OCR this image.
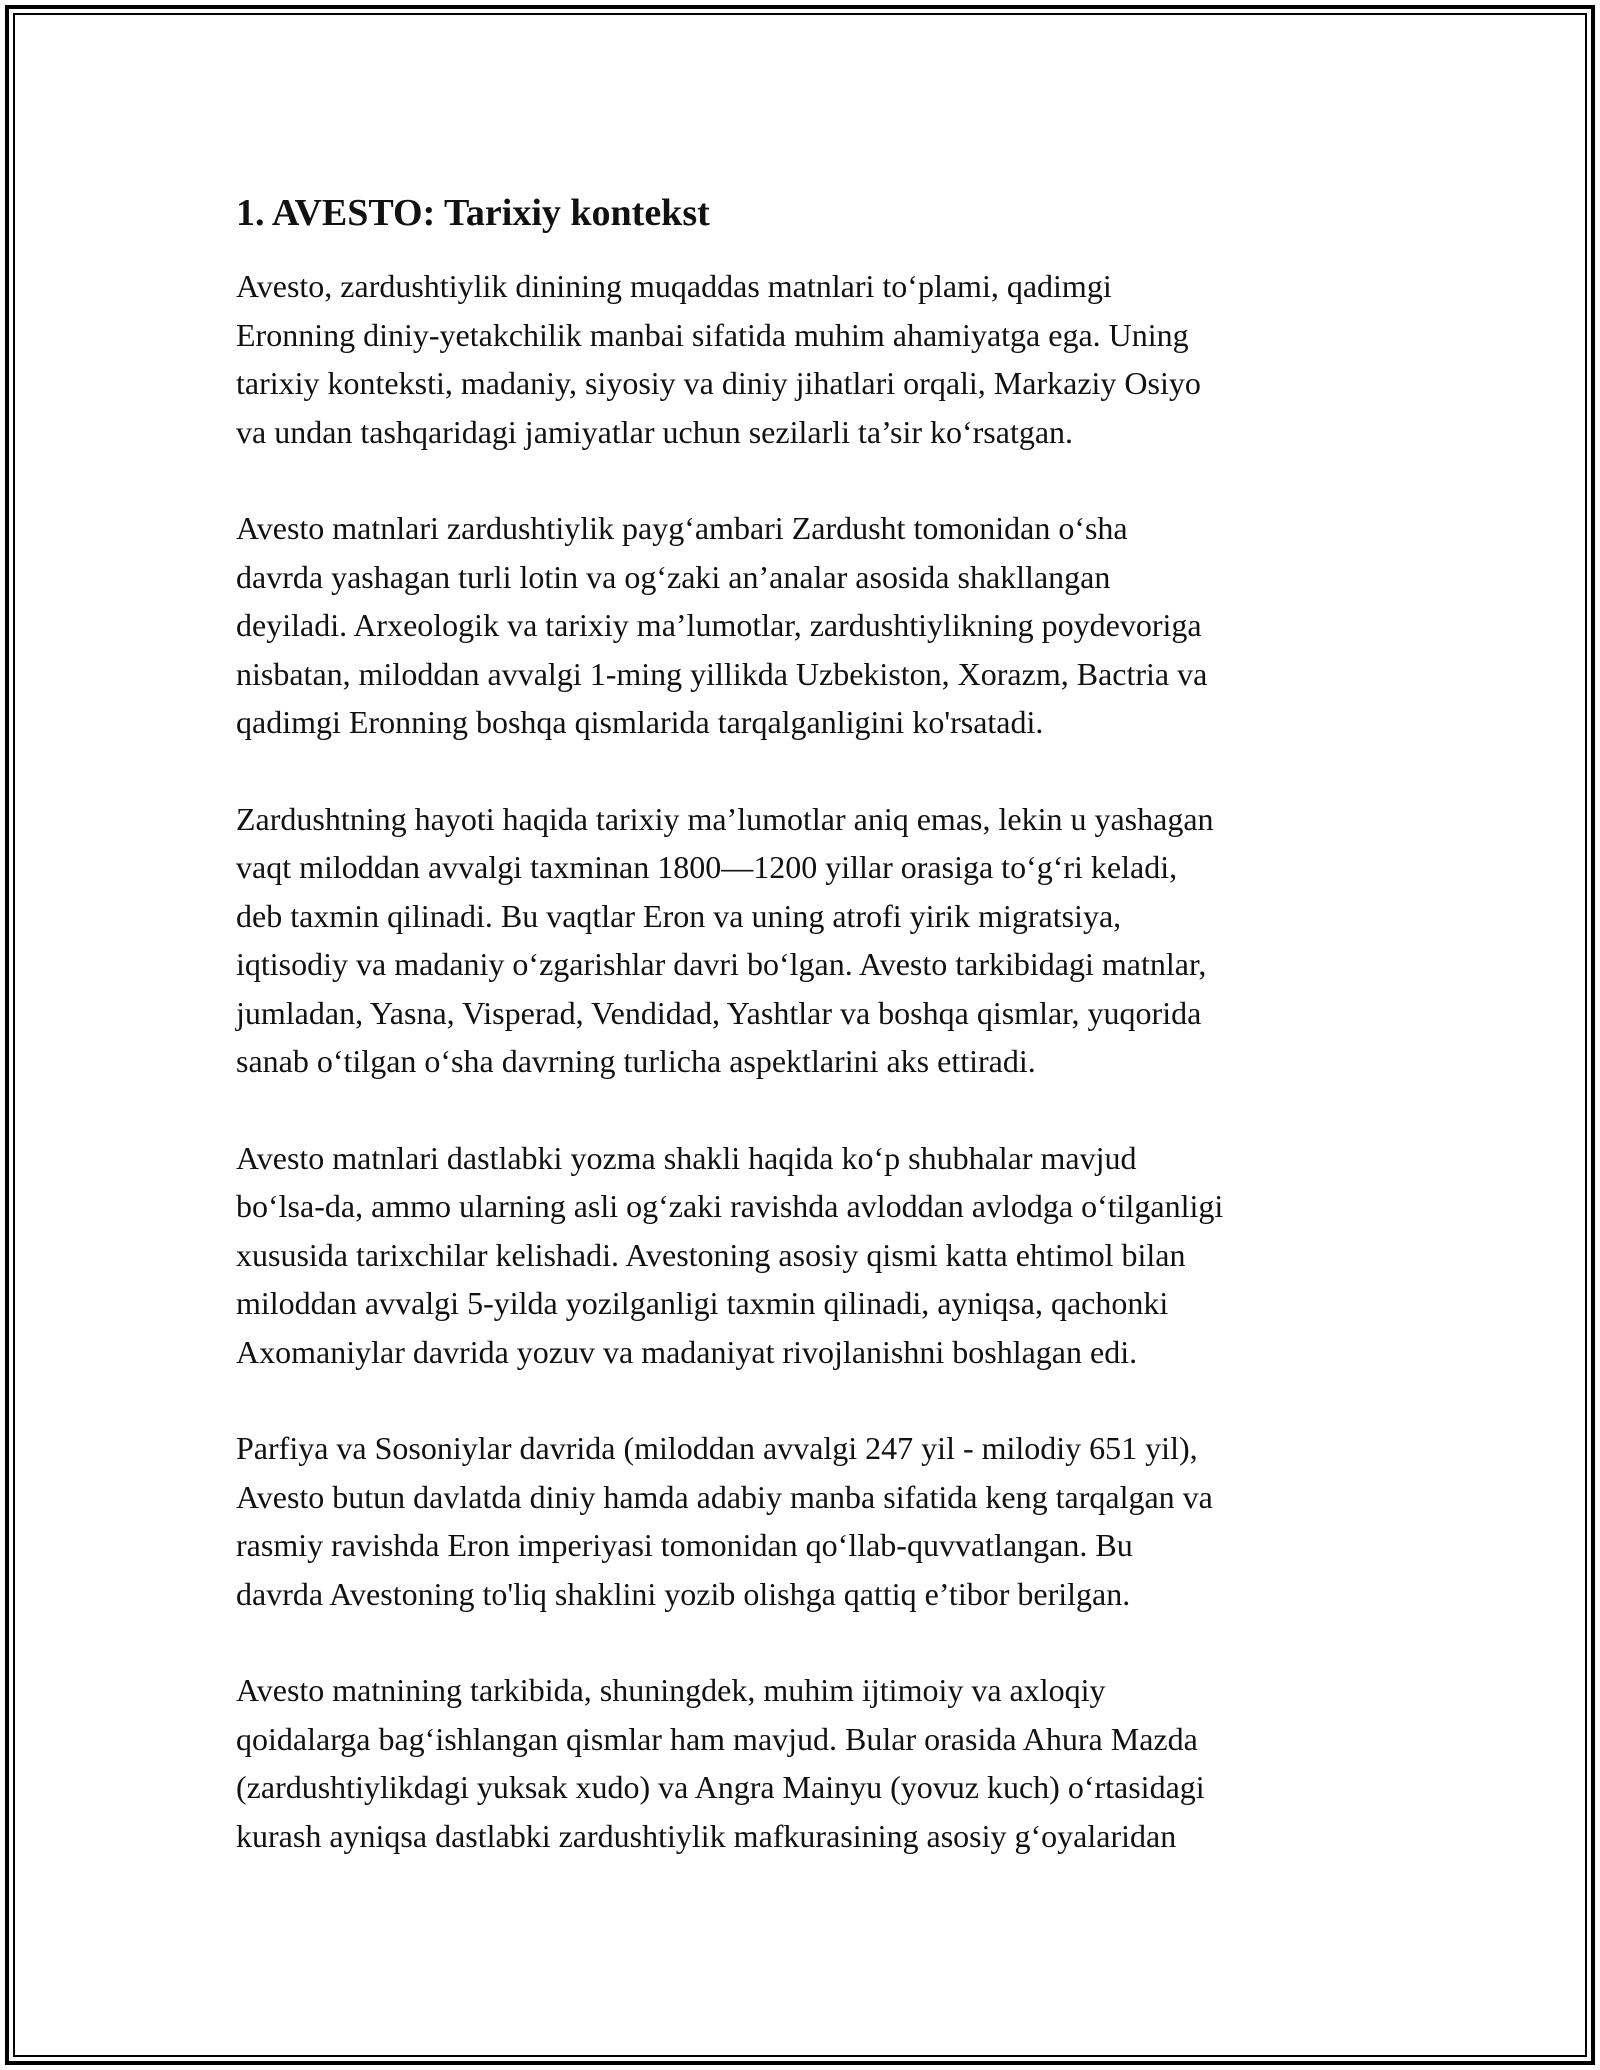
1. AVESTO: Tarixiy kontekst

Avesto, zardushtiylik dinining muqaddas matnlari to‘plami, qadimgi
Eronning diniy-yetakchilik manbai sifatida muhim ahamiyatga ega. Uning
tarixiy konteksti, madaniy, siyosiy va diniy jihatlari orqali, Markaziy Osiyo
va undan tashqaridagi jamiyatlar uchun sezilarli ta’sir ko‘rsatgan.

Avesto matnlari zardushtiylik payg‘ambari Zardusht tomonidan o‘sha
davrda yashagan turli lotin va og‘zaki an’analar asosida shakllangan
deyiladi. Arxeologik va tarixiy ma’lumotlar, zardushtiylikning poydevoriga
nisbatan, miloddan avvalgi 1-ming yillikda Uzbekiston, Xorazm, Bactria va
qadimgi Eronning boshqa qismlarida tarqalganligini ko'rsatadi.

Zardushtning hayoti haqida tarixiy ma’lumotlar aniq emas, lekin u yashagan
vaqt miloddan avvalgi taxminan 1800—1200 yillar orasiga to‘g‘ri keladi,
deb taxmin qilinadi. Bu vaqtlar Eron va uning atrofi yirik migratsiya,
iqtisodiy va madaniy o‘zgarishlar davri bo‘lgan. Avesto tarkibidagi matnlar,
jumladan, Yasna, Visperad, Vendidad, Yashtlar va boshqa qismlar, yuqorida
sanab o‘tilgan o‘sha davrning turlicha aspektlarini aks ettiradi.

Avesto matnlari dastlabki yozma shakli haqida ko‘p shubhalar mavjud
bo‘lsa-da, ammo ularning asli og‘zaki ravishda avloddan avlodga o‘tilganligi
xususida tarixchilar kelishadi. Avestoning asosiy qismi katta ehtimol bilan
miloddan avvalgi 5-yilda yozilganligi taxmin qilinadi, ayniqsa, qachonki
Axomaniylar davrida yozuv va madaniyat rivojlanishni boshlagan edi.

Parfiya va Sosoniylar davrida (miloddan avvalgi 247 yil - milodiy 651 yil),
Avesto butun davlatda diniy hamda adabiy manba sifatida keng tarqalgan va
rasmiy ravishda Eron imperiyasi tomonidan qo‘llab-quvvatlangan. Bu
davrda Avestoning to'liq shaklini yozib olishga qattiq e’tibor berilgan.

Avesto matnining tarkibida, shuningdek, muhim ijtimoiy va axloqiy
qoidalarga bag‘ishlangan qismlar ham mavjud. Bular orasida Ahura Mazda
(zardushtiylikdagi yuksak xudo) va Angra Mainyu (yovuz kuch) o‘rtasidagi
kurash ayniqsa dastlabki zardushtiylik mafkurasining asosiy g‘oyalaridan
